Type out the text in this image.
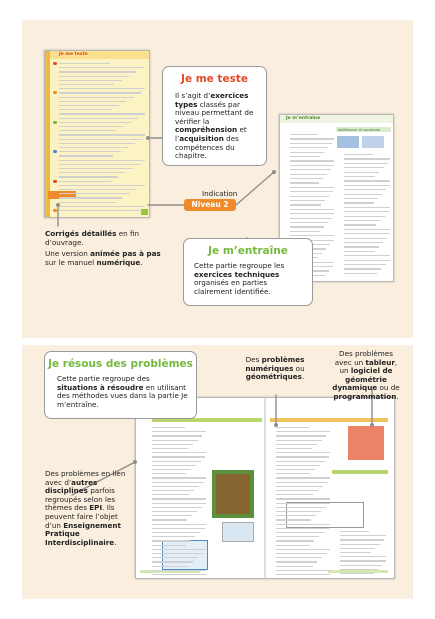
Je me teste
Je m’entraîne
Additionner et soustraire
Je me teste
Il s’agit d’exercices types classés par niveau permettant de vérifier la compréhension et l’acquisition des compétences du chapitre.
Indication
Niveau 2
Corrigés détaillés en fin d’ouvrage.
Une version animée pas à pas sur le manuel numérique.
Je m’entraîne
Cette partie regroupe les exercices techniques organisés en parties clairement identifiée.
Je résous des problèmes
Cette partie regroupe des situations à résoudre en utilisant des méthodes vues dans la partie Je m’entraîne.
Des problèmes numériques ou géométriques.
Des problèmes avec un tableur, un logiciel de géométrie dynamique ou de programmation.
Des problèmes en lien avec d’autres disciplines parfois regroupés selon les thèmes des EPI. Ils peuvent faire l’objet d’un Enseignement Pratique Interdisciplinaire.
